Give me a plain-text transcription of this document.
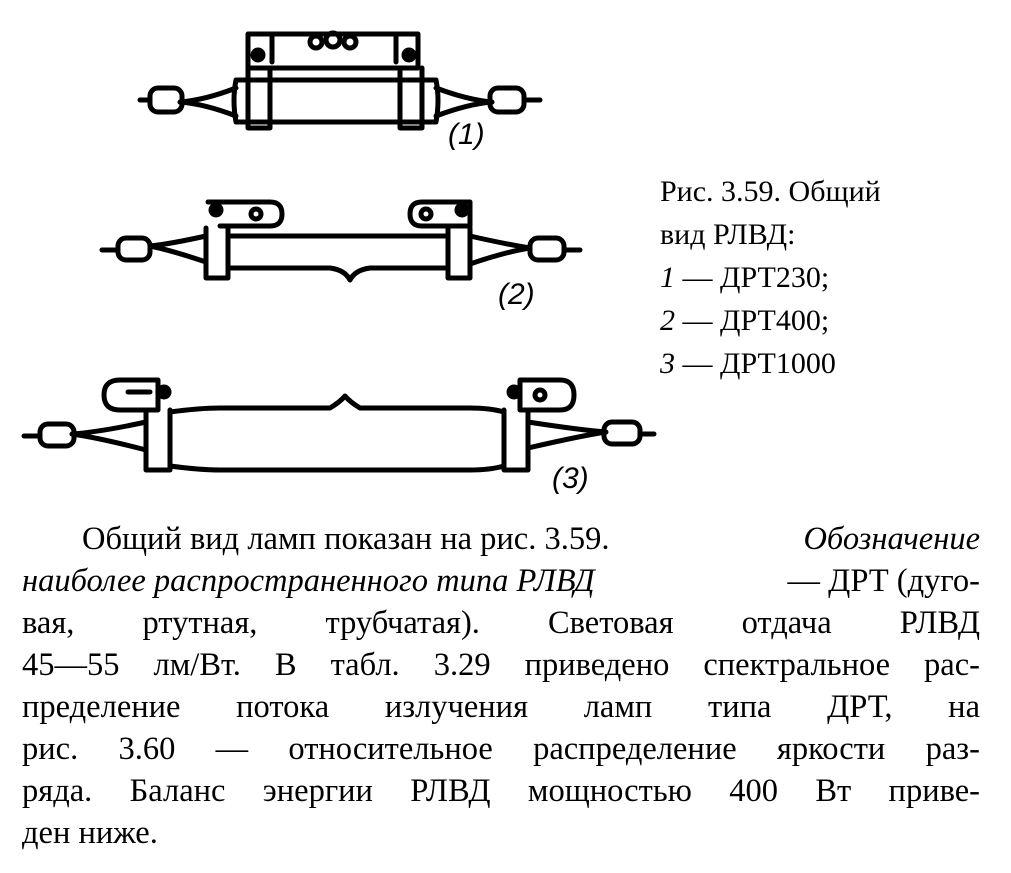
(1)
(2)
(3)
Рис. 3.59. Общий
вид РЛВД:
1 — ДРТ230;
2 — ДРТ400;
3 — ДРТ1000
Общий вид ламп показан на рис. 3.59.	Обозначение
наиболее распространенного типа РЛВД	— ДРТ (дуго-
вая, ртутная, трубчатая). Световая отдача РЛВД
45—55 лм/Вт. В табл. 3.29 приведено спектральное рас-
пределение потока излучения ламп типа ДРТ, на
рис. 3.60 — относительное распределение яркости раз-
ряда. Баланс энергии РЛВД мощностью 400 Вт приве-
ден ниже.
